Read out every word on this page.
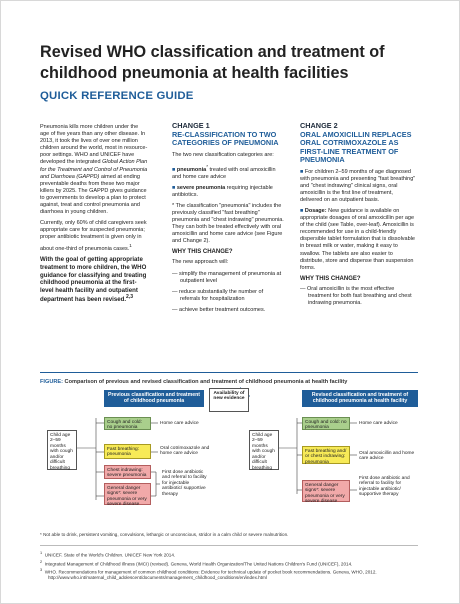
Revised WHO classification and treatment of childhood pneumonia at health facilities
QUICK REFERENCE GUIDE

Pneumonia kills more children under the age of five years than any other disease. In 2013, it took the lives of over one million children around the world, most in resource-poor settings. WHO and UNICEF have developed the integrated Global Action Plan for the Treatment and Control of Pneumonia and Diarrhoea (GAPPD) aimed at ending preventable deaths from these two major killers by 2025. The GAPPD gives guidance to governments to develop a plan to protect against, treat and control pneumonia and diarrhoea in young children.

Currently, only 60% of child caregivers seek appropriate care for suspected pneumonia; proper antibiotic treatment is given only in about one-third of pneumonia cases.$^1$

With the goal of getting appropriate treatment to more children, the WHO guidance for classifying and treating childhood pneumonia at the first-level health facility and outpatient department has been revised.$^{2,3}$

CHANGE 1
RE-CLASSIFICATION TO TWO CATEGORIES OF PNEUMONIA

The two new classification categories are:

■ pneumonia* treated with oral amoxicillin and home care advice

■ severe pneumonia requiring injectable antibiotics.

* The classification "pneumonia" includes the previously classified "fast breathing" pneumonia and "chest indrawing" pneumonia. They can both be treated effectively with oral amoxicillin and home care advice (see Figure and Change 2).

WHY THIS CHANGE?

The new approach will:

— simplify the management of pneumonia at outpatient level

— reduce substantially the number of referrals for hospitalization

— achieve better treatment outcomes.

CHANGE 2
ORAL AMOXICILLIN REPLACES ORAL COTRIMOXAZOLE AS FIRST-LINE TREATMENT OF PNEUMONIA

■ For children 2–59 months of age diagnosed with pneumonia and presenting "fast breathing" and "chest indrawing" clinical signs, oral amoxicillin is the first line of treatment, delivered on an outpatient basis.

■ Dosage: New guidance is available on appropriate dosages of oral amoxicillin per age of the child (see Table, over-leaf). Amoxicillin is recommended for use in a child-friendly dispersible tablet formulation that is dissolvable in breast milk or water, making it easy to swallow. The tablets are also easier to distribute, store and dispense than suspension forms.

WHY THIS CHANGE?

— Oral amoxicillin is the most effective treatment for both fast breathing and chest indrawing pneumonia.

FIGURE: Comparison of previous and revised classification and treatment of childhood pneumonia at health facility
Previous classification and treatment of childhood pneumonia
Availability of new evidence
Revised classification and treatment of childhood pneumonia at health facility
Child age 2–59 months with cough and/or difficult breathing
Cough and cold: no pneumonia
Fast breathing: pneumonia
Chest indrawing: severe pneumonia
General danger signs*: severe pneumonia or very severe disease
Home care advice
Oral cotrimoxazole and home care advice
First dose antibiotic and referral to facility for injectable antibiotic/ supportive therapy
Child age 2–59 months with cough and/or difficult breathing
Cough and cold: no pneumonia
Fast breathing and/ or chest indrawing: pneumonia
General danger signs*: severe pneumonia or very severe disease
Home care advice
Oral amoxicillin and home care advice
First dose antibiotic and referral to facility for injectable antibiotic/ supportive therapy
* Not able to drink, persistent vomiting, convulsions, lethargic or unconscious, stridor in a calm child or severe malnutrition.
$^1$ UNICEF. State of the World's Children. UNICEF New York 2014.
$^2$ Integrated Management of Childhood Illness (IMCI) (revised). Geneva, World Health Organization/The United Nations Children's Fund (UNICEF), 2014.
$^3$ WHO. Recommendations for management of common childhood conditions: Evidence for technical update of pocket book recommendations. Geneva, WHO, 2012. http://www.who.int/maternal_child_adolescent/documents/management_childhood_conditions/en/index.html
